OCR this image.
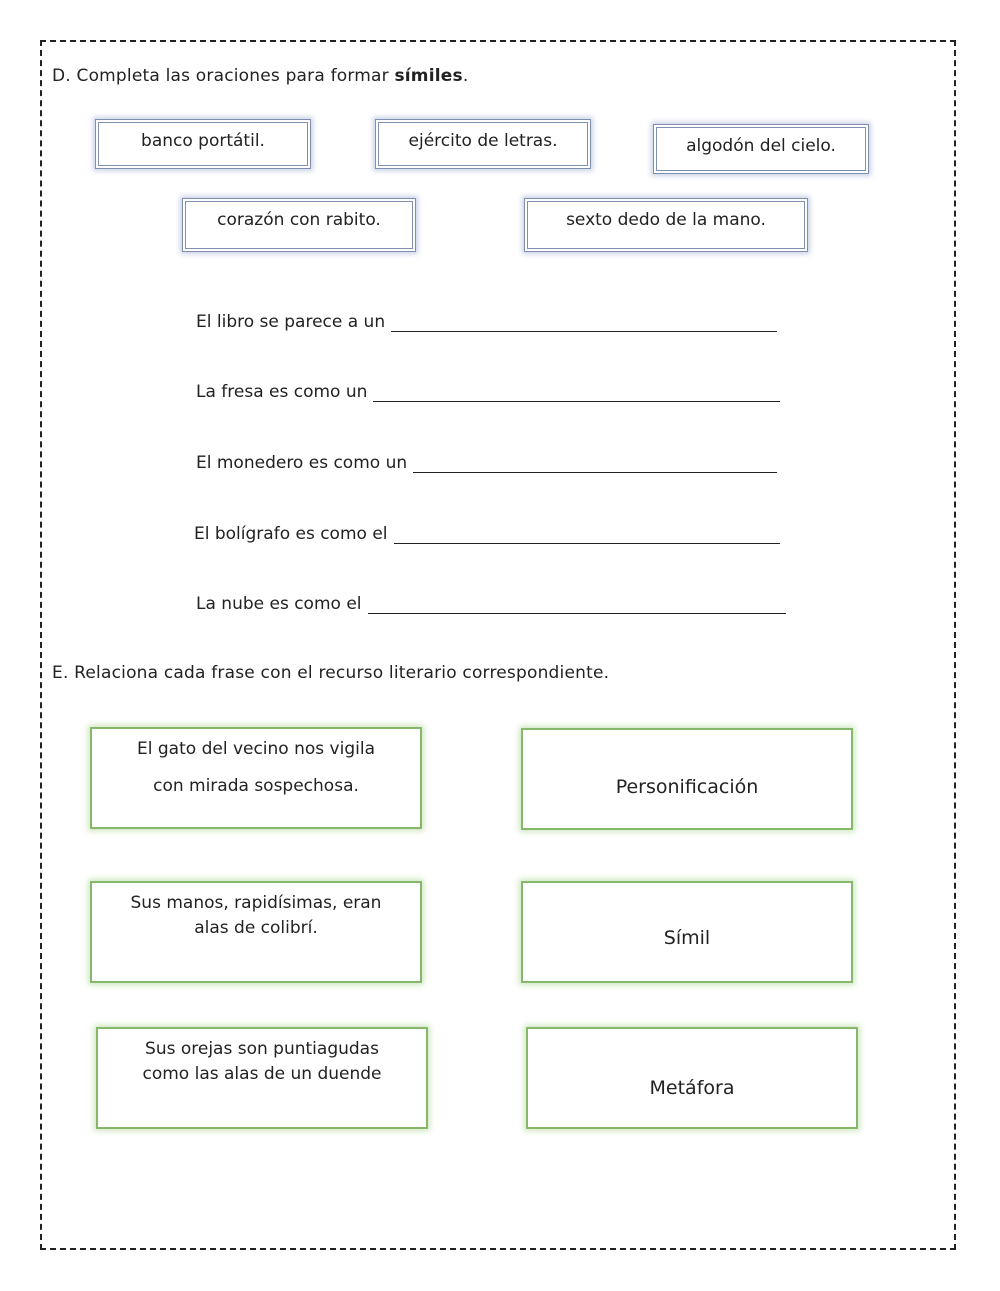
D. Completa las oraciones para formar símiles.
banco portátil.	ejército de letras.	algodón del cielo.
corazón con rabito.	sexto dedo de la mano.
El libro se parece a un
La fresa es como un
El monedero es como un
El bolígrafo es como el
La nube es como el
E. Relaciona cada frase con el recurso literario correspondiente.
El gato del vecino nos vigila
con mirada sospechosa.
Sus manos, rapidísimas, eran
alas de colibrí.
Sus orejas son puntiagudas
como las alas de un duende
Personificación
Símil
Metáfora
